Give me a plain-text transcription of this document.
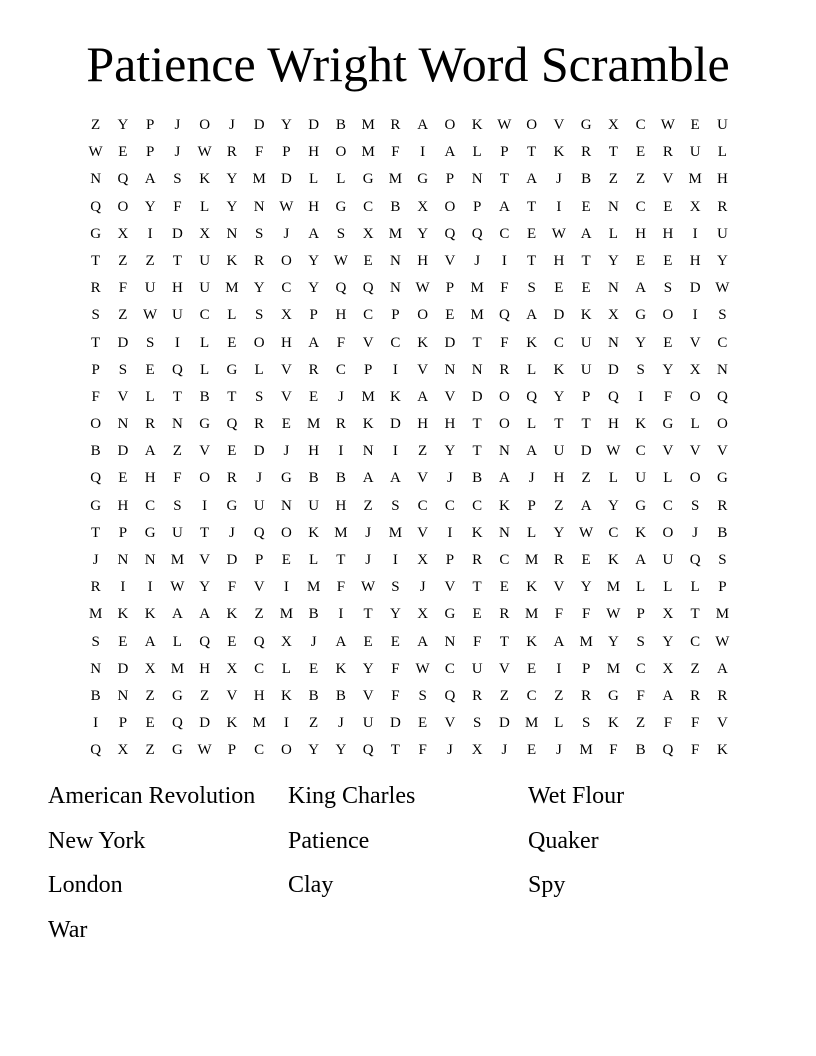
Patience Wright Word Scramble
Z	Y	P	J	O	J	D	Y	D	B	M	R	A	O	K W O	V	G	X	C	W	E	U
W	E	P	J	W	R	F	P	H	O	M	F	I	A	L	P	T	K	R	T	E	R	U	L
N	Q	A	S	K	Y	M	D	L	L	G	M	G	P	N	T	A	J	B	Z	Z	V	M	H
Q	O	Y	F	L	Y	N W H	G	C	B	X	O	P	A	T	I	E	N	C	E	X	R
G	X	I	D	X	N	S	J	A	S	X	M	Y	Q	Q	C	E	W A	L	H	H	I	U
T	Z	Z	T	U	K	R	O	Y W	E	N	H	V	J	I	T	H	T	Y	E	E	H	Y
R	F	U	H	U	M	Y	C	Y	Q	Q	N W	P	M	F	S	E	E	N	A	S	D W
S	Z	W U	C	L	S	X	P	H	C	P	O	E	M	Q	A	D	K	X	G	O	I	S
T	D	S	I	L	E	O	H	A	F	V	C	K	D	T	F	K	C	U	N	Y	E	V	C
P	S	E	Q	L	G	L	V	R	C	P	I	V	N	N	R	L	K	U	D	S	Y	X	N
F	V	L	T	B	T	S	V	E	J	M	K	A	V	D	O	Q	Y	P	Q	I	F	O	Q
O	N	R	N	G	Q	R	E	M	R	K	D	H	H	T	O	L	T	T	H	K	G	L	O
B	D	A	Z	V	E	D	J	H	I	N	I	Z	Y	T	N	A	U	D W	C	V	V	V
Q	E	H	F	O	R	J	G	B	B	A	A	V	J	B	A	J	H	Z	L	U	L	O	G
G	H	C	S	I	G	U	N	U	H	Z	S	C	C	C	K	P	Z	A	Y	G	C	S	R
T	P	G	U	T	J	Q	O	K	M	J	M	V	I	K	N	L	Y W	C	K	O	J	B
J	N	N	M	V	D	P	E	L	T	J	I	X	P	R	C	M	R	E	K	A	U	Q	S
R	I	I	W Y	F	V	I	M	F	W	S	J	V	T	E	K	V	Y	M	L	L	L	P
M	K	K	A	A	K	Z	M	B	I	T	Y	X	G	E	R	M	F	F	W	P	X	T	M
S	E	A	L	Q	E	Q	X	J	A	E	E	A	N	F	T	K	A	M	Y	S	Y	C	W
N	D	X	M	H	X	C	L	E	K	Y	F	W	C	U	V	E	I	P	M	C	X	Z	A
B	N	Z	G	Z	V	H	K	B	B	V	F	S	Q	R	Z	C	Z	R	G	F	A	R	R
I	P	E	Q	D	K	M	I	Z	J	U	D	E	V	S	D	M	L	S	K	Z	F	F	V
Q	X	Z	G W	P	C	O	Y	Y	Q	T	F	J	X	J	E	J	M	F	B	Q	F	K
American Revolution	King Charles	Wet Flour
New York	Patience	Quaker
London	Clay	Spy
War
